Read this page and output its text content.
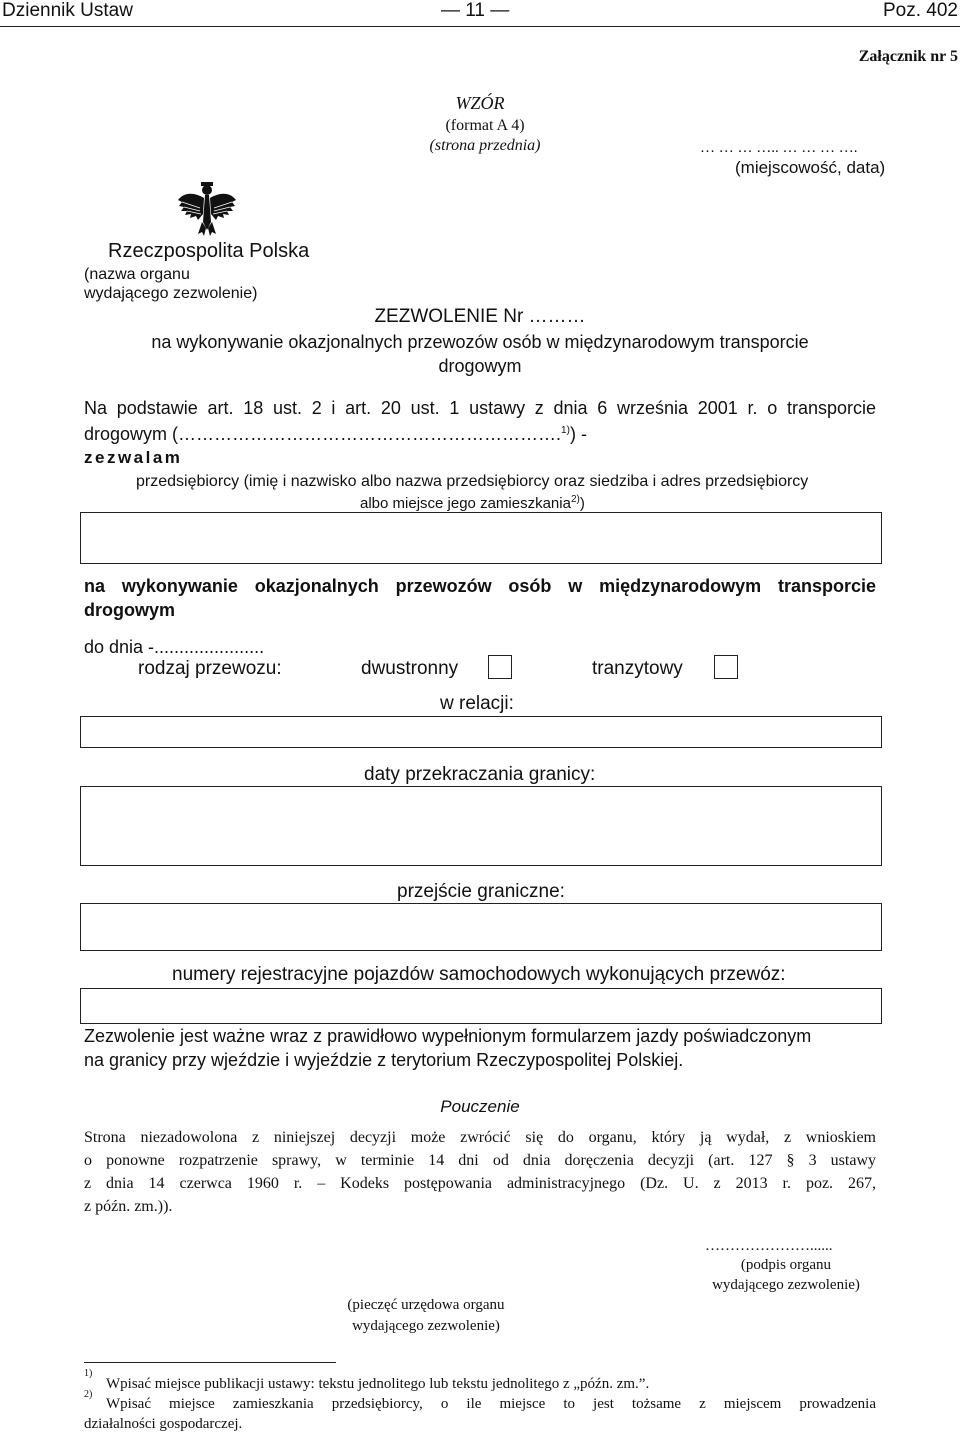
Dziennik Ustaw	— 11 —	Poz. 402
Załącznik nr 5
WZÓR
(format A 4)
(strona przednia)	… … … ….. … … … ….
(miejscowość, data)
Rzeczpospolita Polska
(nazwa organu
wydającego zezwolenie)
ZEZWOLENIE Nr ………
na wykonywanie okazjonalnych przewozów osób w międzynarodowym transporcie
drogowym
Na podstawie art. 18 ust. 2 i art. 20 ust. 1 ustawy z dnia 6 września 2001 r. o transporcie
drogowym (……………………………………………………….$^{1)}$) -
zezwalam
przedsiębiorcy (imię i nazwisko albo nazwa przedsiębiorcy oraz siedziba i adres przedsiębiorcy
albo miejsce jego zamieszkania$^{2)}$)
na wykonywanie okazjonalnych przewozów osób w międzynarodowym transporcie
drogowym
do dnia -......................
rodzaj przewozu:	dwustronny	tranzytowy
w relacji:
daty przekraczania granicy:
przejście graniczne:
numery rejestracyjne pojazdów samochodowych wykonujących przewóz:
Zezwolenie jest ważne wraz z prawidłowo wypełnionym formularzem jazdy poświadczonym
na granicy przy wjeździe i wyjeździe z terytorium Rzeczypospolitej Polskiej.
Pouczenie
Strona niezadowolona z niniejszej decyzji może zwrócić się do organu, który ją wydał, z wnioskiem
o ponowne rozpatrzenie sprawy, w terminie 14 dni od dnia doręczenia decyzji (art. 127 § 3 ustawy
z dnia 14 czerwca 1960 r. – Kodeks postępowania administracyjnego (Dz. U. z 2013 r. poz. 267,
z późn. zm.)).
…………………......
(podpis organu
wydającego zezwolenie)
(pieczęć urzędowa organu
wydającego zezwolenie)
1)
Wpisać miejsce publikacji ustawy: tekstu jednolitego lub tekstu jednolitego z „późn. zm.”.
2)
Wpisać miejsce zamieszkania przedsiębiorcy, o ile miejsce to jest tożsame z miejscem prowadzenia
działalności gospodarczej.
